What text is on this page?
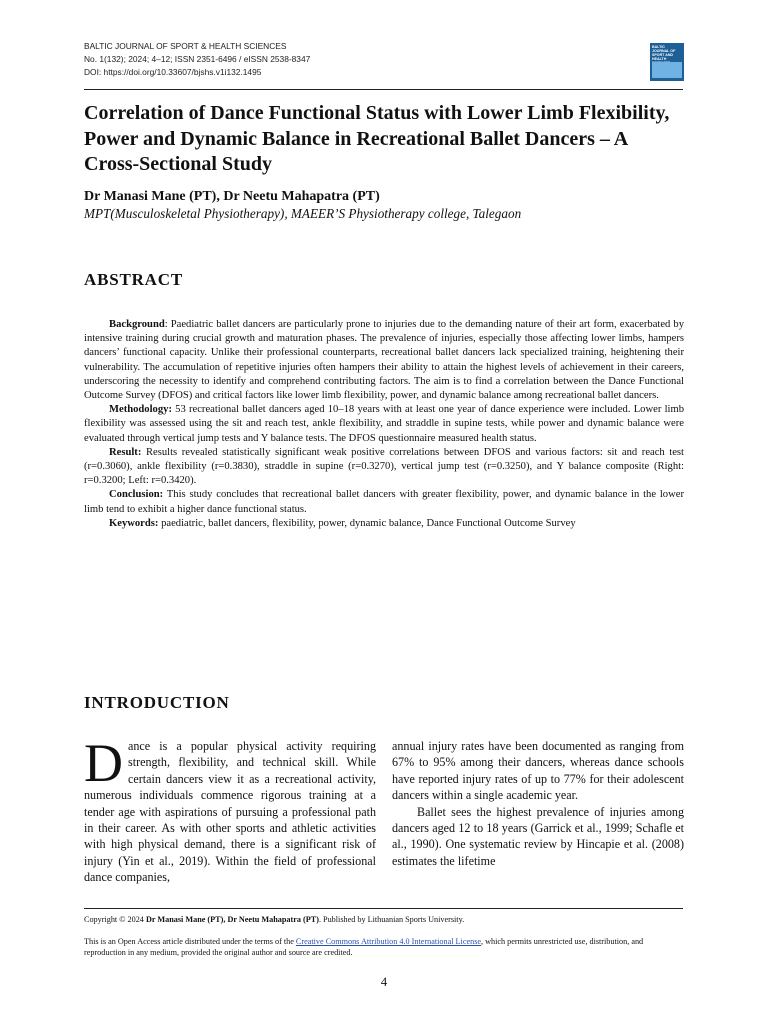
BALTIC JOURNAL OF SPORT & HEALTH SCIENCES
No. 1(132); 2024; 4–12; ISSN 2351-6496 / eISSN 2538-8347
DOI: https://doi.org/10.33607/bjshs.v1i132.1495
BALTIC JOURNAL OF SPORT AND HEALTH
Correlation of Dance Functional Status with Lower Limb Flexibility, Power and Dynamic Balance in Recreational Ballet Dancers – A Cross-Sectional Study
Dr Manasi Mane (PT), Dr Neetu Mahapatra (PT)
MPT(Musculoskeletal Physiotherapy), MAEER’S Physiotherapy college, Talegaon
ABSTRACT

Background: Paediatric ballet dancers are particularly prone to injuries due to the demanding nature of their art form, exacerbated by intensive training during crucial growth and maturation phases. The prevalence of injuries, especially those affecting lower limbs, hampers dancers’ functional capacity. Unlike their professional counterparts, recreational ballet dancers lack specialized training, heightening their vulnerability. The accumulation of repetitive injuries often hampers their ability to attain the highest levels of achievement in their careers, underscoring the necessity to identify and comprehend contributing factors. The aim is to find a correlation between the Dance Functional Outcome Survey (DFOS) and critical factors like lower limb flexibility, power, and dynamic balance among recreational ballet dancers.

Methodology: 53 recreational ballet dancers aged 10–18 years with at least one year of dance experience were included. Lower limb flexibility was assessed using the sit and reach test, ankle flexibility, and straddle in supine tests, while power and dynamic balance were evaluated through vertical jump tests and Y balance tests. The DFOS questionnaire measured health status.

Result: Results revealed statistically significant weak positive correlations between DFOS and various factors: sit and reach test (r=0.3060), ankle flexibility (r=0.3830), straddle in supine (r=0.3270), vertical jump test (r=0.3250), and Y balance composite (Right: r=0.3200; Left: r=0.3420).

Conclusion: This study concludes that recreational ballet dancers with greater flexibility, power, and dynamic balance in the lower limb tend to exhibit a higher dance functional status.

Keywords: paediatric, ballet dancers, flexibility, power, dynamic balance, Dance Functional Outcome Survey

INTRODUCTION

Dance is a popular physical activity requiring strength, flexibility, and technical skill. While certain dancers view it as a recreational activity, numerous individuals commence rigorous training at a tender age with aspirations of pursuing a professional path in their career. As with other sports and athletic activities with high physical demand, there is a significant risk of injury (Yin et al., 2019). Within the field of professional dance companies,

annual injury rates have been documented as ranging from 67% to 95% among their dancers, whereas dance schools have reported injury rates of up to 77% for their adolescent dancers within a single academic year.

Ballet sees the highest prevalence of injuries among dancers aged 12 to 18 years (Garrick et al., 1999; Schafle et al., 1990). One systematic review by Hincapie et al. (2008) estimates the lifetime

Copyright © 2024 Dr Manasi Mane (PT), Dr Neetu Mahapatra (PT). Published by Lithuanian Sports University.
This is an Open Access article distributed under the terms of the Creative Commons Attribution 4.0 International License, which permits unrestricted use, distribution, and reproduction in any medium, provided the original author and source are credited.
4
